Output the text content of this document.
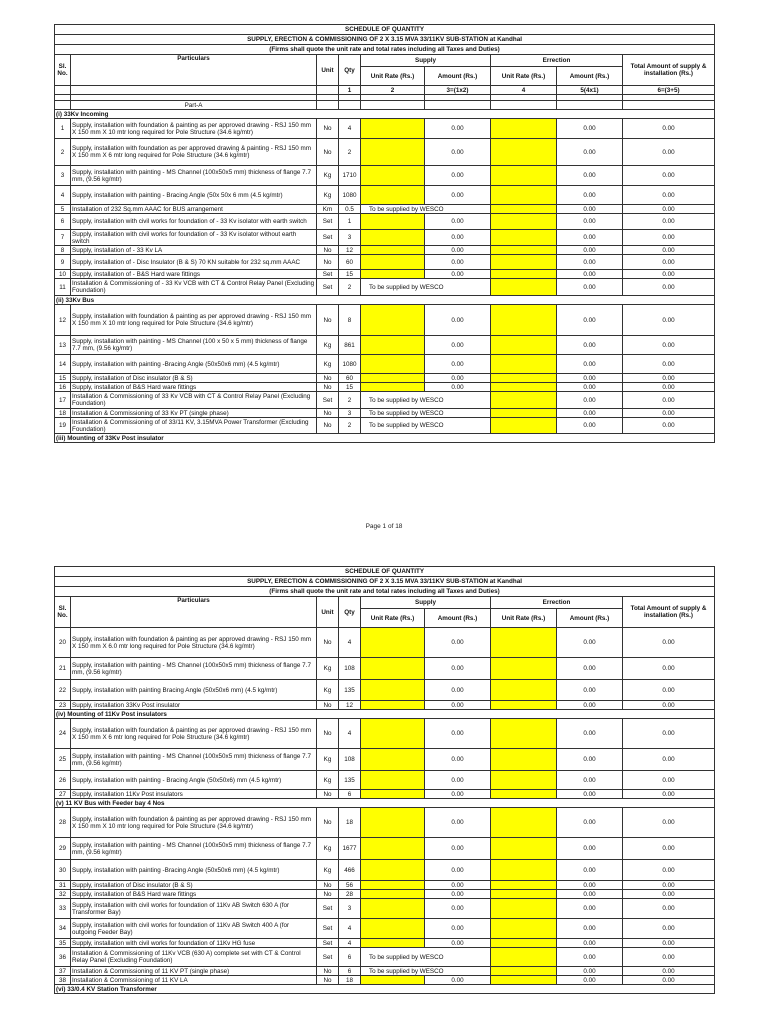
SCHEDULE OF QUANTITY								
SUPPLY, ERECTION & COMMISSIONING OF 2 X 3.15 MVA 33/11KV SUB-STATION at Kandhal								
(Firms shall quote the unit rate and total rates including all Taxes and Duties)								
Sl. No.	Particulars	Unit	Qty	Supply		Errection		Total Amount of supply & installation (Rs.)
				Unit Rate (Rs.)	Amount (Rs.)	Unit Rate (Rs.)	Amount (Rs.)	
			1	2	3=(1x2)	4	5(4x1)	6=(3+5)

	Part-A							
(i) 33Kv Incoming								
1	Supply, installation with foundation & painting as per approved drawing - RSJ 150 mm X 150 mm X 10 mtr long required for Pole Structure (34.6 kg/mtr)	No	4		0.00		0.00	0.00
2	Supply, installation with foundation as per approved drawing & painting - RSJ 150 mm X 150 mm X 6 mtr long required for Pole Structure (34.6 kg/mtr)	No	2		0.00		0.00	0.00
3	Supply, installation with painting - MS Channel (100x50x5 mm) thickness of flange 7.7 mm, (9.56 kg/mtr)	Kg	1710		0.00		0.00	0.00
4	Supply, installation with painting - Bracing Angle (50x 50x 6 mm (4.5 kg/mtr)	Kg	1080		0.00		0.00	0.00
5	Installation of 232 Sq.mm AAAC for BUS arrangement	Km	0.5	To be supplied by WESCO			0.00	0.00
6	Supply, installation with civil works for foundation of - 33 Kv isolator with earth switch	Set	1		0.00		0.00	0.00
7	Supply, installation with civil works for foundation of - 33 Kv isolator without earth switch	Set	3		0.00		0.00	0.00
8	Supply, installation of - 33 Kv LA	No	12		0.00		0.00	0.00
9	Supply, installation of - Disc Insulator (B & S) 70 KN suitable for 232 sq.mm AAAC	No	60		0.00		0.00	0.00
10	Supply, installation of - B&S Hard ware fittings	Set	15		0.00		0.00	0.00
11	Installation & Commissioning of - 33 Kv VCB with CT & Control Relay Panel (Excluding Foundation)	Set	2	To be supplied by WESCO			0.00	0.00
(ii) 33Kv Bus								
12	Supply, installation with foundation & painting as per approved drawing - RSJ 150 mm X 150 mm X 10 mtr long required for Pole Structure (34.6 kg/mtr)	No	8		0.00		0.00	0.00
13	Supply, installation with painting - MS Channel (100 x 50 x 5 mm) thickness of flange 7.7 mm, (9.56 kg/mtr)	Kg	861		0.00		0.00	0.00
14	Supply, installation with painting -Bracing Angle (50x50x6 mm) (4.5 kg/mtr)	Kg	1080		0.00		0.00	0.00
15	Supply, installation of Disc insulator (B & S)	No	60		0.00		0.00	0.00
16	Supply, installation of B&S Hard ware fittings	No	15		0.00		0.00	0.00
17	Installation & Commissioning of 33 Kv VCB with CT & Control Relay Panel (Excluding Foundation)	Set	2	To be supplied by WESCO			0.00	0.00
18	Installation & Commissioning of 33 Kv PT (single phase)	No	3	To be supplied by WESCO			0.00	0.00
19	Installation & Commissioning of of 33/11 KV, 3.15MVA Power Transformer (Excluding Foundation)	No	2	To be supplied by WESCO			0.00	0.00
(iii) Mounting of 33Kv Post insulator								
Page 1 of 18
SCHEDULE OF QUANTITY								
SUPPLY, ERECTION & COMMISSIONING OF 2 X 3.15 MVA 33/11KV SUB-STATION at Kandhal								
(Firms shall quote the unit rate and total rates including all Taxes and Duties)								
Sl. No.	Particulars	Unit	Qty	Supply		Errection		Total Amount of supply & installation (Rs.)
				Unit Rate (Rs.)	Amount (Rs.)	Unit Rate (Rs.)	Amount (Rs.)	
20	Supply, installation with foundation & painting as per approved drawing - RSJ 150 mm X 150 mm X 6.0 mtr long required for Pole Structure (34.6 kg/mtr)	No	4		0.00		0.00	0.00
21	Supply, installation with painting - MS Channel (100x50x5 mm) thickness of flange 7.7 mm, (9.56 kg/mtr)	Kg	108		0.00		0.00	0.00
22	Supply, installation with painting Bracing Angle (50x50x6 mm) (4.5 kg/mtr)	Kg	135		0.00		0.00	0.00
23	Supply, installation 33Kv Post insulator	No	12		0.00		0.00	0.00
(iv) Mounting of 11Kv Post insulators								
24	Supply, installation with foundation & painting as per approved drawing - RSJ 150 mm X 150 mm X 6 mtr long required for Pole Structure (34.6 kg/mtr)	No	4		0.00		0.00	0.00
25	Supply, installation with painting - MS Channel (100x50x5 mm) thickness of flange 7.7 mm, (9.56 kg/mtr)	Kg	108		0.00		0.00	0.00
26	Supply, installation with painting - Bracing Angle (50x50x6) mm (4.5 kg/mtr)	Kg	135		0.00		0.00	0.00
27	Supply, installation 11Kv Post insulators	No	6		0.00		0.00	0.00
(v) 11 KV Bus with Feeder bay 4 Nos								
28	Supply, installation with foundation & painting as per approved drawing - RSJ 150 mm X 150 mm X 10 mtr long required for Pole Structure (34.6 kg/mtr)	No	18		0.00		0.00	0.00
29	Supply, installation with painting - MS Channel (100x50x5 mm) thickness of flange 7.7 mm, (9.56 kg/mtr)	Kg	1677		0.00		0.00	0.00
30	Supply, installation with painting -Bracing Angle (50x50x6 mm) (4.5 kg/mtr)	Kg	466		0.00		0.00	0.00
31	Supply, installation of Disc insulator (B & S)	No	56		0.00		0.00	0.00
32	Supply, installation of B&S Hard ware fittings	No	28		0.00		0.00	0.00
33	Supply, installation with civil works for foundation of 11Kv AB Switch 630 A (for Transformer Bay)	Set	3		0.00		0.00	0.00
34	Supply, installation with civil works for foundation of 11Kv AB Switch 400 A (for outgoing Feeder Bay)	Set	4		0.00		0.00	0.00
35	Supply, installation with civil works for foundation of 11Kv HG fuse	Set	4		0.00		0.00	0.00
36	Installation & Commissioning of 11Kv VCB (630 A) complete set with CT & Control Relay Panel (Excluding Foundation)	Set	6	To be supplied by WESCO			0.00	0.00
37	Installation & Commissioning of 11 KV PT (single phase)	No	6	To be supplied by WESCO			0.00	0.00
38	Installation & Commissioning of 11 KV LA	No	18		0.00		0.00	0.00
(vi) 33/0.4 KV Station Transformer								
